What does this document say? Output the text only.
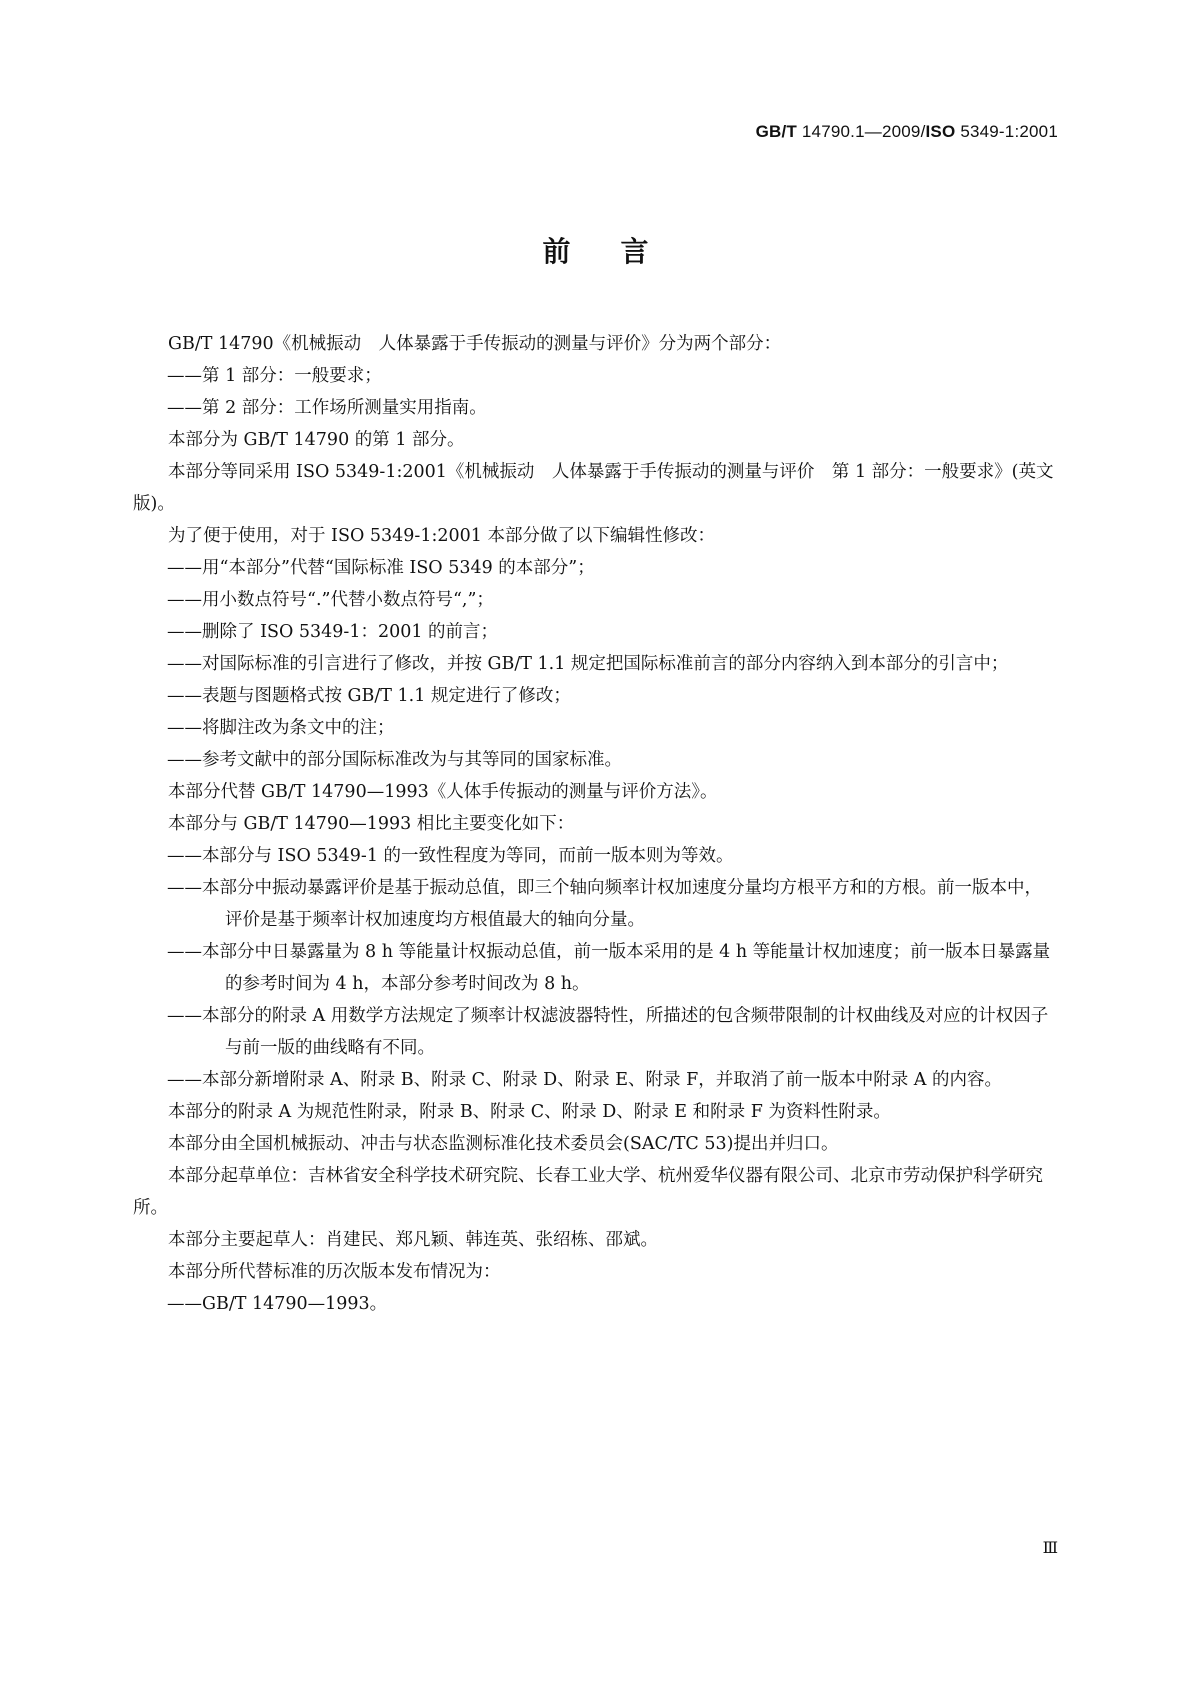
GB/T 14790.1—2009/ISO 5349-1:2001
前言

GB/T 14790《机械振动　人体暴露于手传振动的测量与评价》分为两个部分：

——第 1 部分：一般要求；

——第 2 部分：工作场所测量实用指南。

本部分为 GB/T 14790 的第 1 部分。

本部分等同采用 ISO 5349-1:2001《机械振动　人体暴露于手传振动的测量与评价　第 1 部分：一般要求》(英文版)。

为了便于使用，对于 ISO 5349-1:2001 本部分做了以下编辑性修改：

——用“本部分”代替“国际标准 ISO 5349 的本部分”；

——用小数点符号“.”代替小数点符号“,”；

——删除了 ISO 5349-1：2001 的前言；

——对国际标准的引言进行了修改，并按 GB/T 1.1 规定把国际标准前言的部分内容纳入到本部分的引言中；

——表题与图题格式按 GB/T 1.1 规定进行了修改；

——将脚注改为条文中的注；

——参考文献中的部分国际标准改为与其等同的国家标准。

本部分代替 GB/T 14790—1993《人体手传振动的测量与评价方法》。

本部分与 GB/T 14790—1993 相比主要变化如下：

——本部分与 ISO 5349-1 的一致性程度为等同，而前一版本则为等效。

——本部分中振动暴露评价是基于振动总值，即三个轴向频率计权加速度分量均方根平方和的方根。前一版本中，评价是基于频率计权加速度均方根值最大的轴向分量。

——本部分中日暴露量为 8 h 等能量计权振动总值，前一版本采用的是 4 h 等能量计权加速度；前一版本日暴露量的参考时间为 4 h，本部分参考时间改为 8 h。

——本部分的附录 A 用数学方法规定了频率计权滤波器特性，所描述的包含频带限制的计权曲线及对应的计权因子与前一版的曲线略有不同。

——本部分新增附录 A、附录 B、附录 C、附录 D、附录 E、附录 F，并取消了前一版本中附录 A 的内容。

本部分的附录 A 为规范性附录，附录 B、附录 C、附录 D、附录 E 和附录 F 为资料性附录。

本部分由全国机械振动、冲击与状态监测标准化技术委员会(SAC/TC 53)提出并归口。

本部分起草单位：吉林省安全科学技术研究院、长春工业大学、杭州爱华仪器有限公司、北京市劳动保护科学研究所。

本部分主要起草人：肖建民、郑凡颖、韩连英、张绍栋、邵斌。

本部分所代替标准的历次版本发布情况为：

——GB/T 14790—1993。

Ⅲ
